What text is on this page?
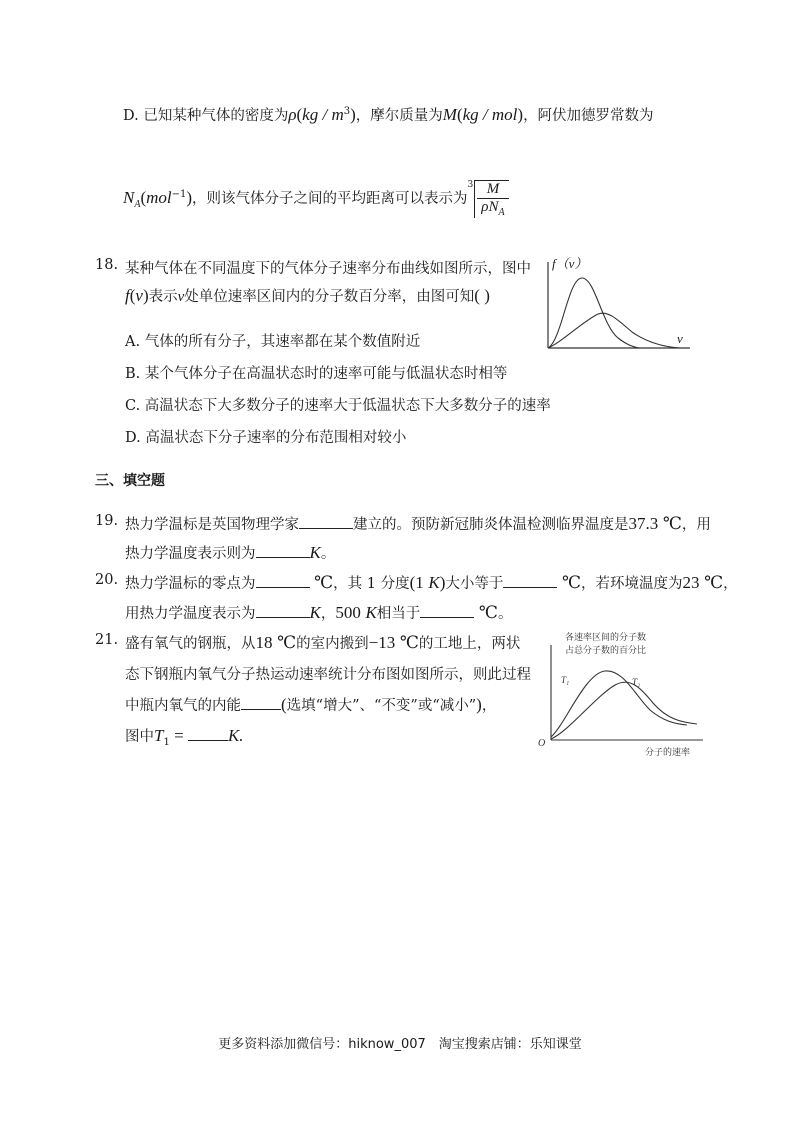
D. 已知某种气体的密度为$\rho(kg / m^3)$，摩尔质量为M(kg / mol)，阿伏加德罗常数为
$N_A(mol^{-1})$，则该气体分子之间的平均距离可以表示为$^3 \frac{M}{\rho N_A}$
18. 某种气体在不同温度下的气体分子速率分布曲线如图所示，图中
f(v)表示v处单位速率区间内的分子数百分率，由图可知( )
A. 气体的所有分子，其速率都在某个数值附近
B. 某个气体分子在高温状态时的速率可能与低温状态时相等
C. 高温状态下大多数分子的速率大于低温状态下大多数分子的速率
D. 高温状态下分子速率的分布范围相对较小
f（v）
v
三、填空题
19. 热力学温标是英国物理学家	建立的。预防新冠肺炎体温检测临界温度是37.3 ℃，用
热力学温度表示则为	K。
20. 热力学温标的零点为	℃，其 1 分度(1 K)大小等于	℃，若环境温度为23 ℃，
用热力学温度表示为	K，500 K相当于	℃。
21. 盛有氧气的钢瓶，从18 ℃的室内搬到−13 ℃的工地上，两状
态下钢瓶内氧气分子热运动速率统计分布图如图所示，则此过程
中瓶内氧气的内能 (选填“增大”、“不变”或“减小”)，
图中$T_1 = K$.
各速率区间的分子数
占总分子数的百分比
T₁	T₂
O
分子的速率
更多资料添加微信号：hiknow_007　淘宝搜索店铺：乐知课堂
